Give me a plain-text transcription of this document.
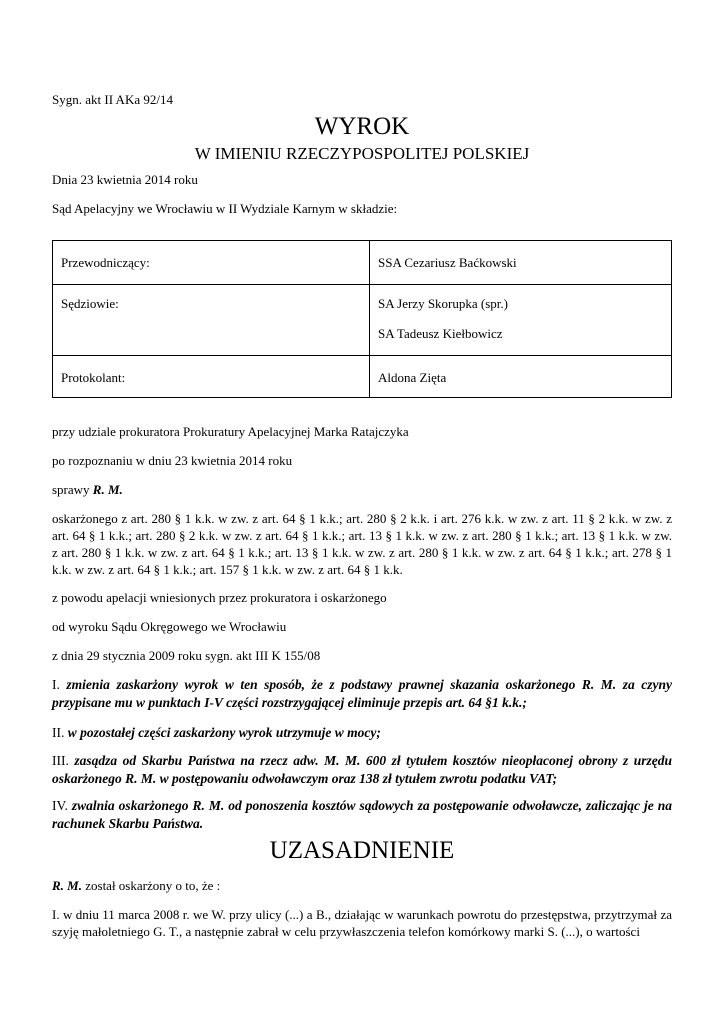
Sygn. akt II AKa 92/14

WYROK
W IMIENIU RZECZYPOSPOLITEJ POLSKIEJ

Dnia 23 kwietnia 2014 roku

Sąd Apelacyjny we Wrocławiu w II Wydziale Karnym w składzie:

Przewodniczący:	SSA Cezariusz Baćkowski
Sędziowie:	SA Jerzy Skorupka (spr.)
SA Tadeusz Kiełbowicz

Protokolant:	Aldona Zięta

przy udziale prokuratora Prokuratury Apelacyjnej Marka Ratajczyka

po rozpoznaniu w dniu 23 kwietnia 2014 roku

sprawy R. M.

oskarżonego z art. 280 § 1 k.k. w zw. z art. 64 § 1 k.k.; art. 280 § 2 k.k. i art. 276 k.k. w zw. z art. 11 § 2 k.k. w zw. z art. 64 § 1 k.k.; art. 280 § 2 k.k. w zw. z art. 64 § 1 k.k.; art. 13 § 1 k.k. w zw. z art. 280 § 1 k.k.; art. 13 § 1 k.k. w zw. z art. 280 § 1 k.k. w zw. z art. 64 § 1 k.k.; art. 13 § 1 k.k. w zw. z art. 280 § 1 k.k. w zw. z art. 64 § 1 k.k.; art. 278 § 1 k.k. w zw. z art. 64 § 1 k.k.; art. 157 § 1 k.k. w zw. z art. 64 § 1 k.k.

z powodu apelacji wniesionych przez prokuratora i oskarżonego

od wyroku Sądu Okręgowego we Wrocławiu

z dnia 29 stycznia 2009 roku sygn. akt III K 155/08

I. zmienia zaskarżony wyrok w ten sposób, że z podstawy prawnej skazania oskarżonego R. M. za czyny przypisane mu w punktach I-V części rozstrzygającej eliminuje przepis art. 64 §1 k.k.;

II. w pozostałej części zaskarżony wyrok utrzymuje w mocy;

III. zasądza od Skarbu Państwa na rzecz adw. M. M. 600 zł tytułem kosztów nieopłaconej obrony z urzędu oskarżonego R. M. w postępowaniu odwoławczym oraz 138 zł tytułem zwrotu podatku VAT;

IV. zwalnia oskarżonego R. M. od ponoszenia kosztów sądowych za postępowanie odwoławcze, zaliczając je na rachunek Skarbu Państwa.

UZASADNIENIE

R. M. został oskarżony o to, że :

I. w dniu 11 marca 2008 r. we W. przy ulicy (...) a B., działając w warunkach powrotu do przestępstwa, przytrzymał za szyję małoletniego G. T., a następnie zabrał w celu przywłaszczenia telefon komórkowy marki S. (...), o wartości
